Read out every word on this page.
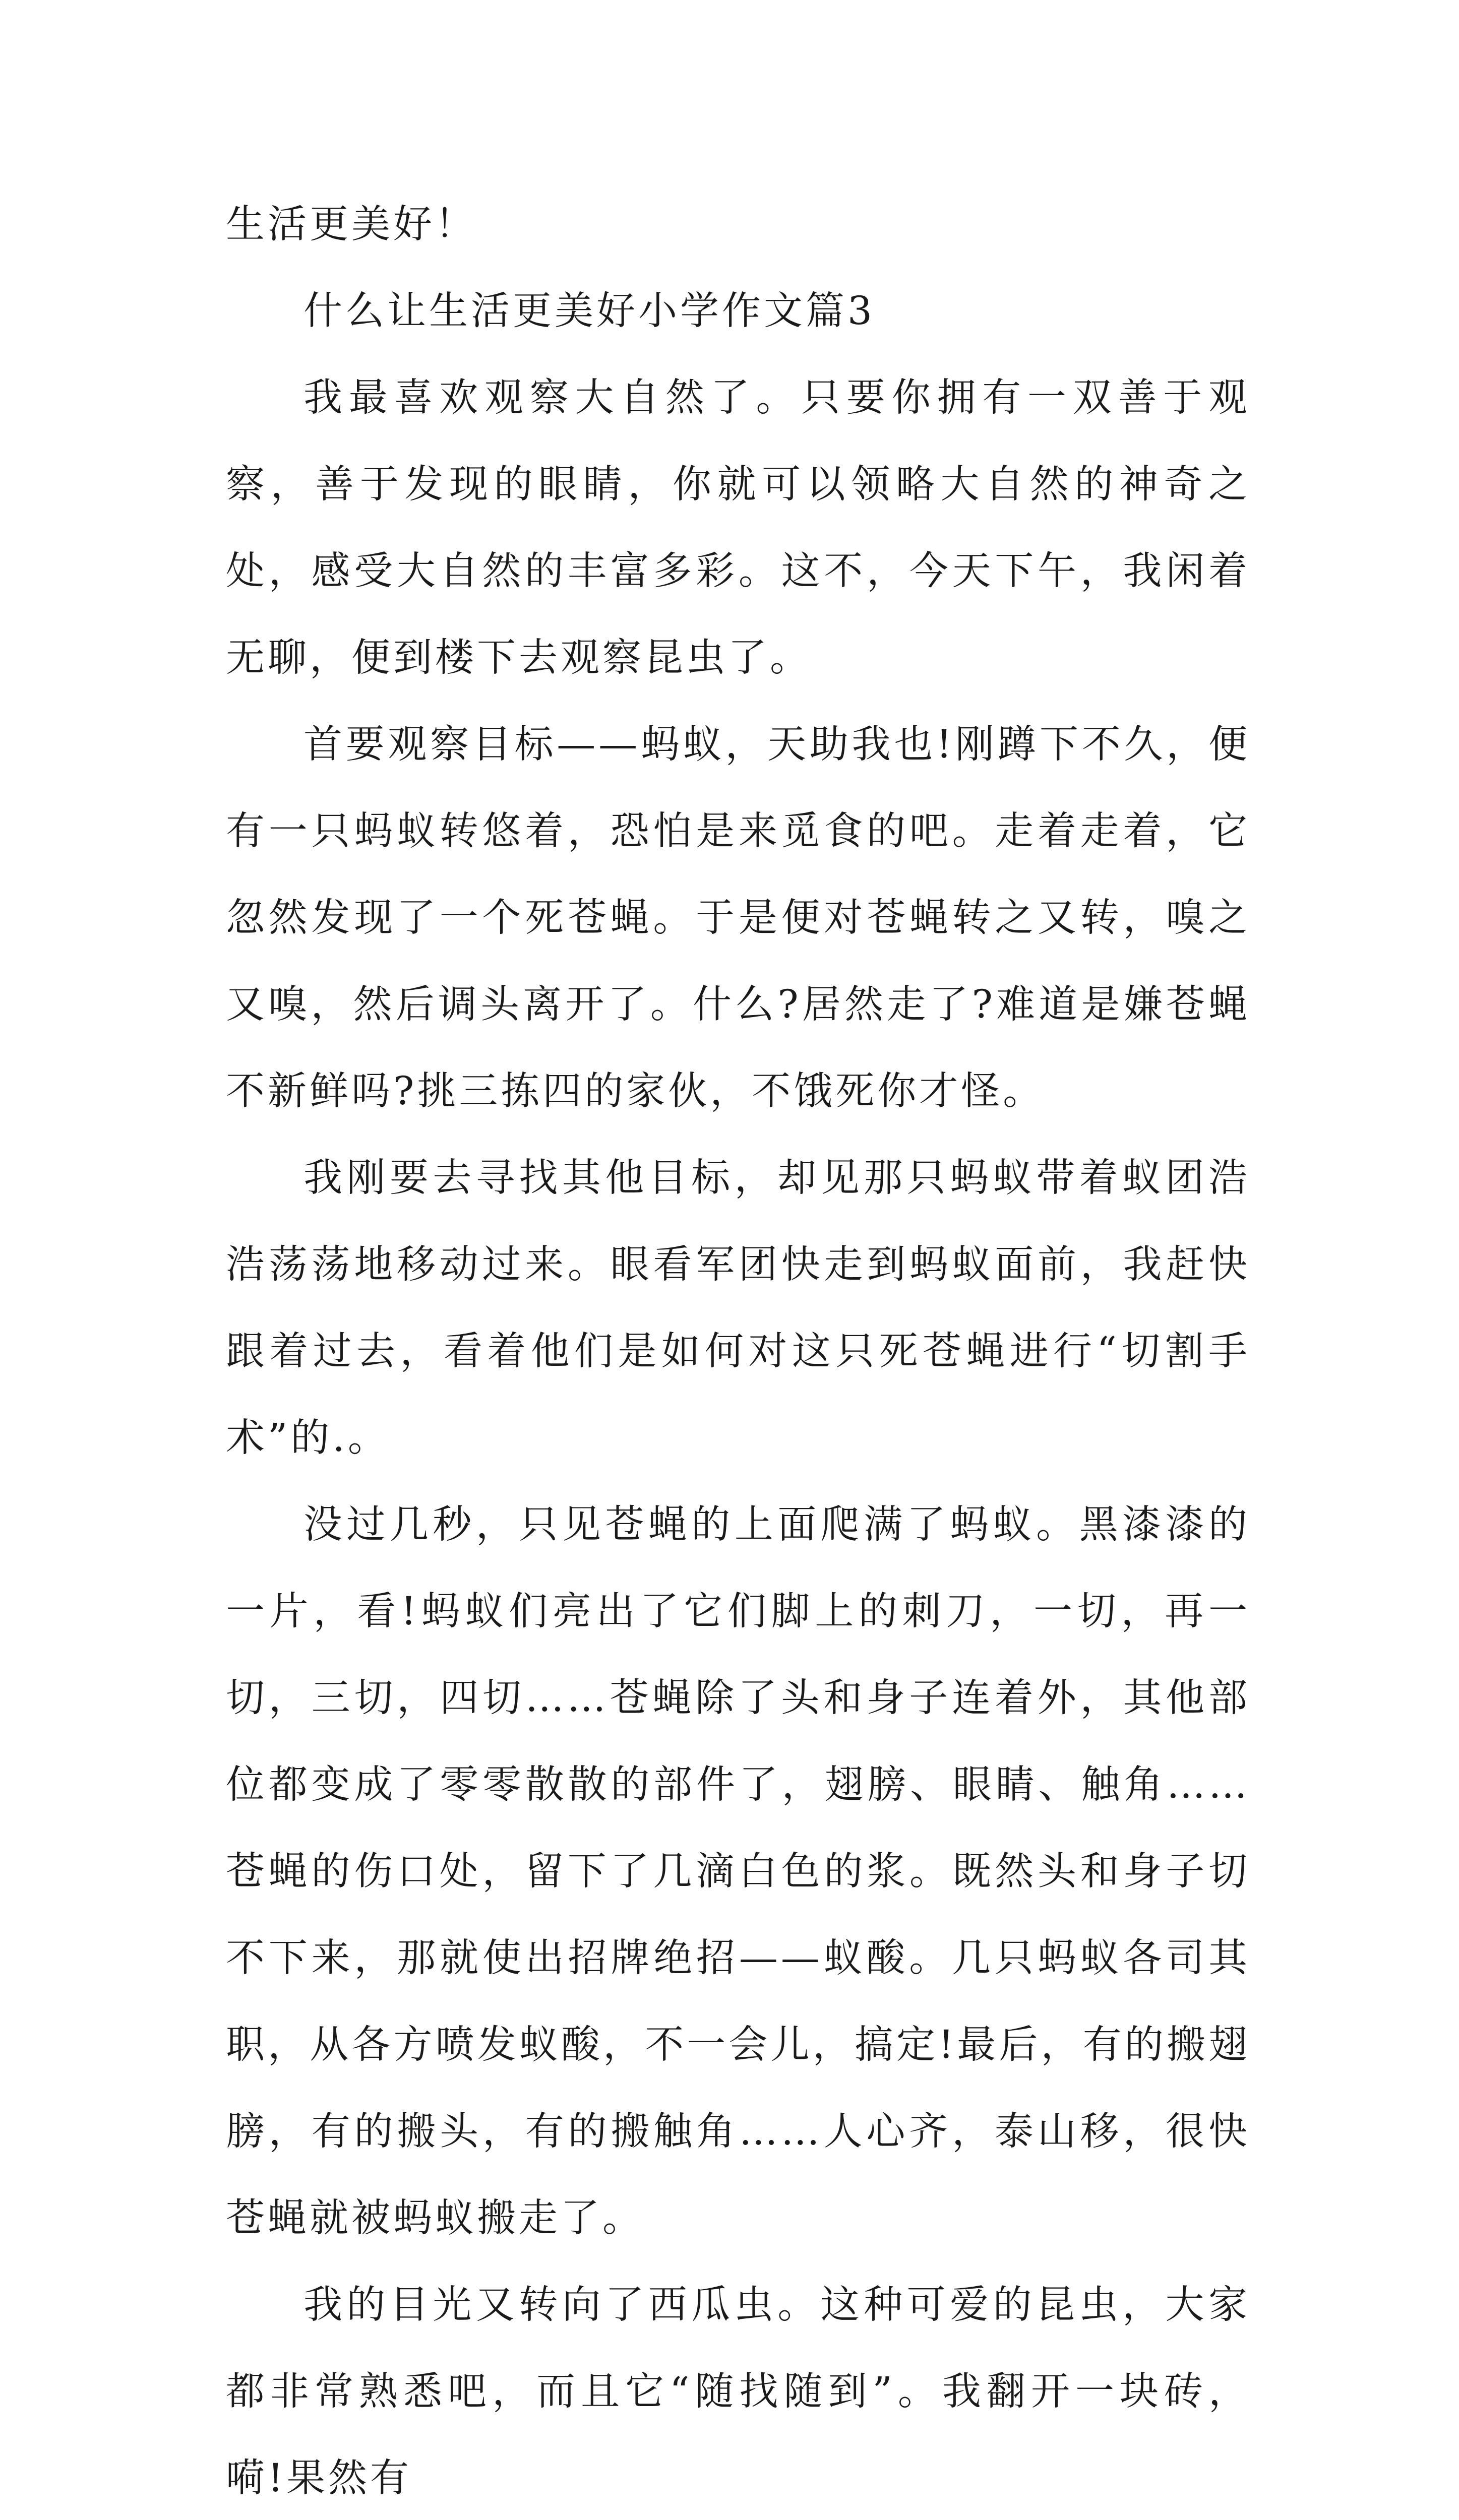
生活更美好！

什么让生活更美好小学作文篇3

我最喜欢观察大自然了。只要你拥有一双善于观察，善于发现的眼睛，你就可以领略大自然的神奇之处，感受大自然的丰富多彩。这不，今天下午，我闲着无聊，便到楼下去观察昆虫了。

首要观察目标——蚂蚁，天助我也!刚蹲下不久，便有一只蚂蚁转悠着，恐怕是来觅食的吧。走着走着，它忽然发现了一个死苍蝇。于是便对苍蝇转之又转，嗅之又嗅，然后调头离开了。什么?居然走了?难道是嫌苍蝇不新鲜吗?挑三拣四的家伙，不饿死你才怪。

我刚要去寻找其他目标，却见那只蚂蚁带着蚁团浩浩荡荡地移动过来。眼看军团快走到蚂蚁面前，我赶快跟着过去，看着他们是如何对这只死苍蝇进行“切割手术”的.。

没过几秒，只见苍蝇的上面爬满了蚂蚁。黑漆漆的一片，看!蚂蚁们亮出了它们脚上的刺刀，一切，再一切，三切，四切……苍蝇除了头和身子连着外，其他部位都变成了零零散散的部件了，翅膀、眼睛、触角……苍蝇的伤口处，留下了几滴白色的浆。既然头和身子切不下来，那就使出招牌绝招——蚁酸。几只蚂蚁各司其职，从各方喷发蚁酸，不一会儿，搞定!最后，有的搬翅膀，有的搬头，有的搬触角……人心齐，泰山移，很快苍蝇就被蚂蚁搬走了。

我的目光又转向了西瓜虫。这种可爱的昆虫，大家都非常熟悉吧，而且它“随找随到”。我翻开一块砖，嗬!果然有
